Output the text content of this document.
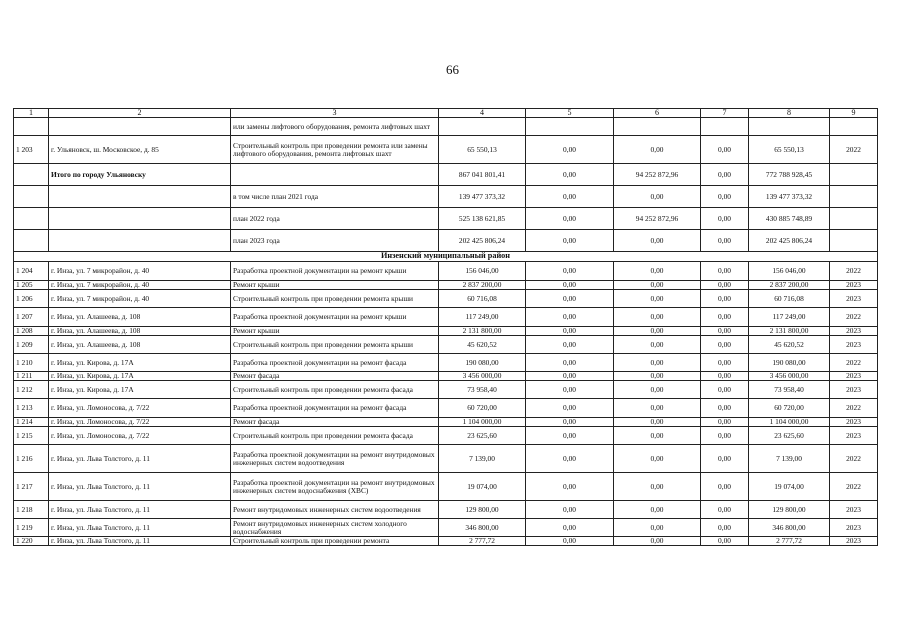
66
1	2	3	4	5	6	7	8	9
		или замены лифтового оборудования, ремонта лифтовых шахт						
1 203	г. Ульяновск, ш. Московское, д. 85	Строительный контроль при проведении ремонта или замены лифтового оборудования, ремонта лифтовых шахт	65 550,13	0,00	0,00	0,00	65 550,13	2022
	Итого по городу Ульяновску		867 041 801,41	0,00	94 252 872,96	0,00	772 788 928,45	
		в том числе план 2021 года	139 477 373,32	0,00	0,00	0,00	139 477 373,32	
		план 2022 года	525 138 621,85	0,00	94 252 872,96	0,00	430 885 748,89	
		план 2023 года	202 425 806,24	0,00	0,00	0,00	202 425 806,24	
Инзенский муниципальный район								
1 204	г. Инза, ул. 7 микрорайон, д. 40	Разработка проектной документации на ремонт крыши	156 046,00	0,00	0,00	0,00	156 046,00	2022
1 205	г. Инза, ул. 7 микрорайон, д. 40	Ремонт крыши	2 837 200,00	0,00	0,00	0,00	2 837 200,00	2023
1 206	г. Инза, ул. 7 микрорайон, д. 40	Строительный контроль при проведении ремонта крыши	60 716,08	0,00	0,00	0,00	60 716,08	2023
1 207	г. Инза, ул. Алашеева, д. 108	Разработка проектной документации на ремонт крыши	117 249,00	0,00	0,00	0,00	117 249,00	2022
1 208	г. Инза, ул. Алашеева, д. 108	Ремонт крыши	2 131 800,00	0,00	0,00	0,00	2 131 800,00	2023
1 209	г. Инза, ул. Алашеева, д. 108	Строительный контроль при проведении ремонта крыши	45 620,52	0,00	0,00	0,00	45 620,52	2023
1 210	г. Инза, ул. Кирова, д. 17А	Разработка проектной документации на ремонт фасада	190 080,00	0,00	0,00	0,00	190 080,00	2022
1 211	г. Инза, ул. Кирова, д. 17А	Ремонт фасада	3 456 000,00	0,00	0,00	0,00	3 456 000,00	2023
1 212	г. Инза, ул. Кирова, д. 17А	Строительный контроль при проведении ремонта фасада	73 958,40	0,00	0,00	0,00	73 958,40	2023
1 213	г. Инза, ул. Ломоносова, д. 7/22	Разработка проектной документации на ремонт фасада	60 720,00	0,00	0,00	0,00	60 720,00	2022
1 214	г. Инза, ул. Ломоносова, д. 7/22	Ремонт фасада	1 104 000,00	0,00	0,00	0,00	1 104 000,00	2023
1 215	г. Инза, ул. Ломоносова, д. 7/22	Строительный контроль при проведении ремонта фасада	23 625,60	0,00	0,00	0,00	23 625,60	2023
1 216	г. Инза, ул. Льва Толстого, д. 11	Разработка проектной документации на ремонт внутридомовых инженерных систем водоотведения	7 139,00	0,00	0,00	0,00	7 139,00	2022
1 217	г. Инза, ул. Льва Толстого, д. 11	Разработка проектной документации на ремонт внутридомовых инженерных систем водоснабжения (ХВС)	19 074,00	0,00	0,00	0,00	19 074,00	2022
1 218	г. Инза, ул. Льва Толстого, д. 11	Ремонт внутридомовых инженерных систем водоотведения	129 800,00	0,00	0,00	0,00	129 800,00	2023
1 219	г. Инза, ул. Льва Толстого, д. 11	Ремонт внутридомовых инженерных систем холодного водоснабжения	346 800,00	0,00	0,00	0,00	346 800,00	2023
1 220	г. Инза, ул. Льва Толстого, д. 11	Строительный контроль при проведении ремонта	2 777,72	0,00	0,00	0,00	2 777,72	2023
